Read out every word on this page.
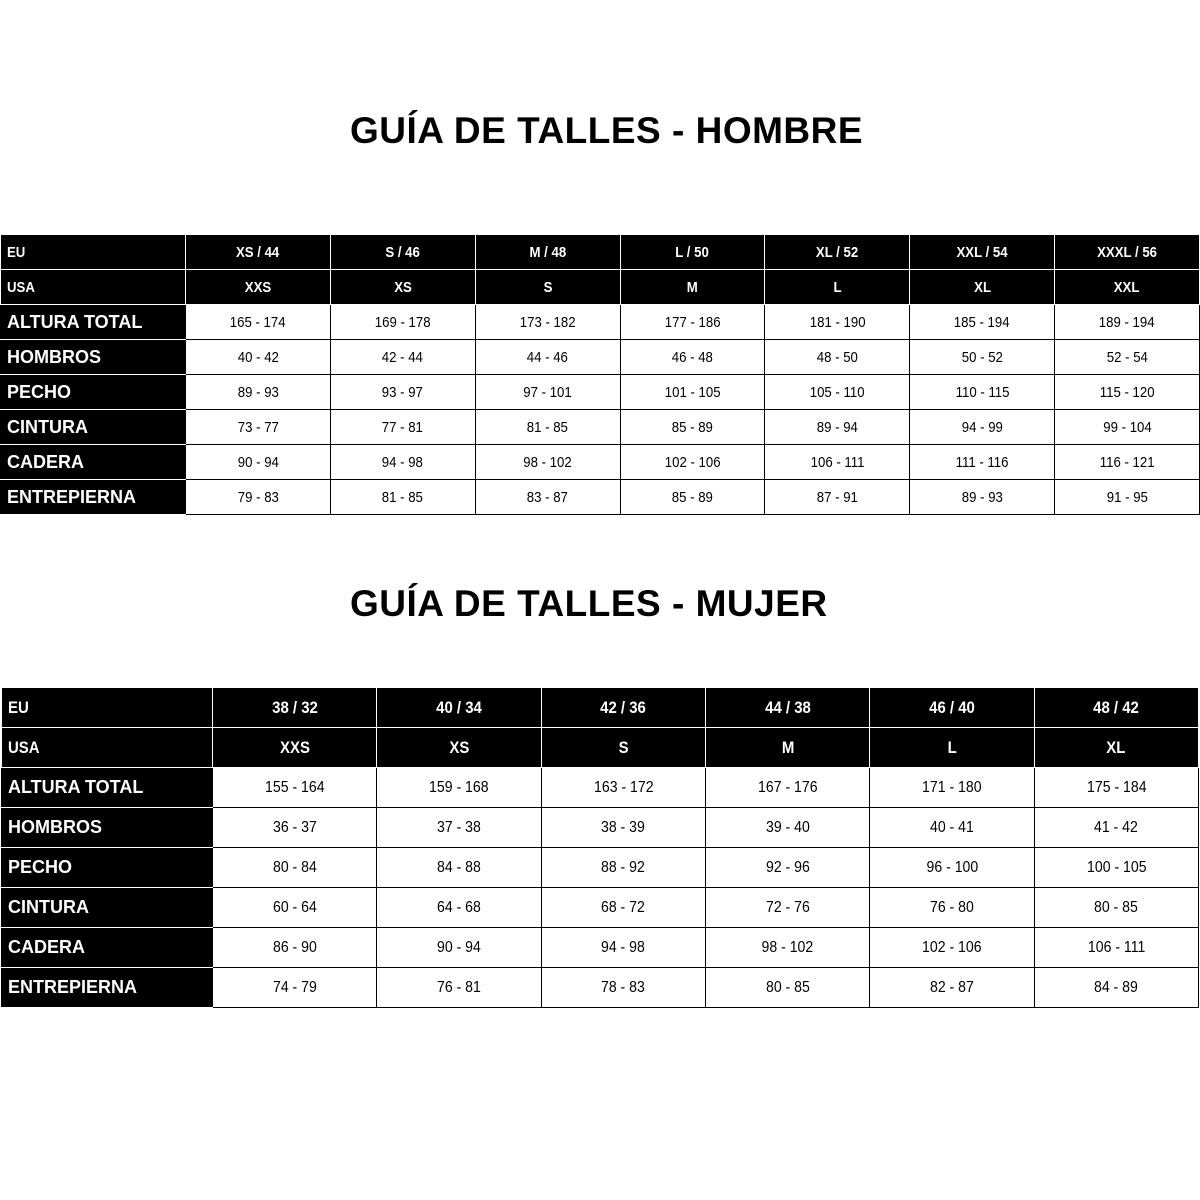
GUÍA DE TALLES - HOMBRE
EU	XS / 44	S / 46	M / 48	L / 50	XL / 52	XXL / 54	XXXL / 56
USA	XXS	XS	S	M	L	XL	XXL
ALTURA TOTAL	165 - 174	169 - 178	173 - 182	177 - 186	181 - 190	185 - 194	189 - 194
HOMBROS	40 - 42	42 - 44	44 - 46	46 - 48	48 - 50	50 - 52	52 - 54
PECHO	89 - 93	93 - 97	97 - 101	101 - 105	105 - 110	110 - 115	115 - 120
CINTURA	73 - 77	77 - 81	81 - 85	85 - 89	89 - 94	94 - 99	99 - 104
CADERA	90 - 94	94 - 98	98 - 102	102 - 106	106 - 111	111 - 116	116 - 121
ENTREPIERNA	79 - 83	81 - 85	83 - 87	85 - 89	87 - 91	89 - 93	91 - 95
GUÍA DE TALLES - MUJER
EU	38 / 32	40 / 34	42 / 36	44 / 38	46 / 40	48 / 42
USA	XXS	XS	S	M	L	XL
ALTURA TOTAL	155 - 164	159 - 168	163 - 172	167 - 176	171 - 180	175 - 184
HOMBROS	36 - 37	37 - 38	38 - 39	39 - 40	40 - 41	41 - 42
PECHO	80 - 84	84 - 88	88 - 92	92 - 96	96 - 100	100 - 105
CINTURA	60 - 64	64 - 68	68 - 72	72 - 76	76 - 80	80 - 85
CADERA	86 - 90	90 - 94	94 - 98	98 - 102	102 - 106	106 - 111
ENTREPIERNA	74 - 79	76 - 81	78 - 83	80 - 85	82 - 87	84 - 89
